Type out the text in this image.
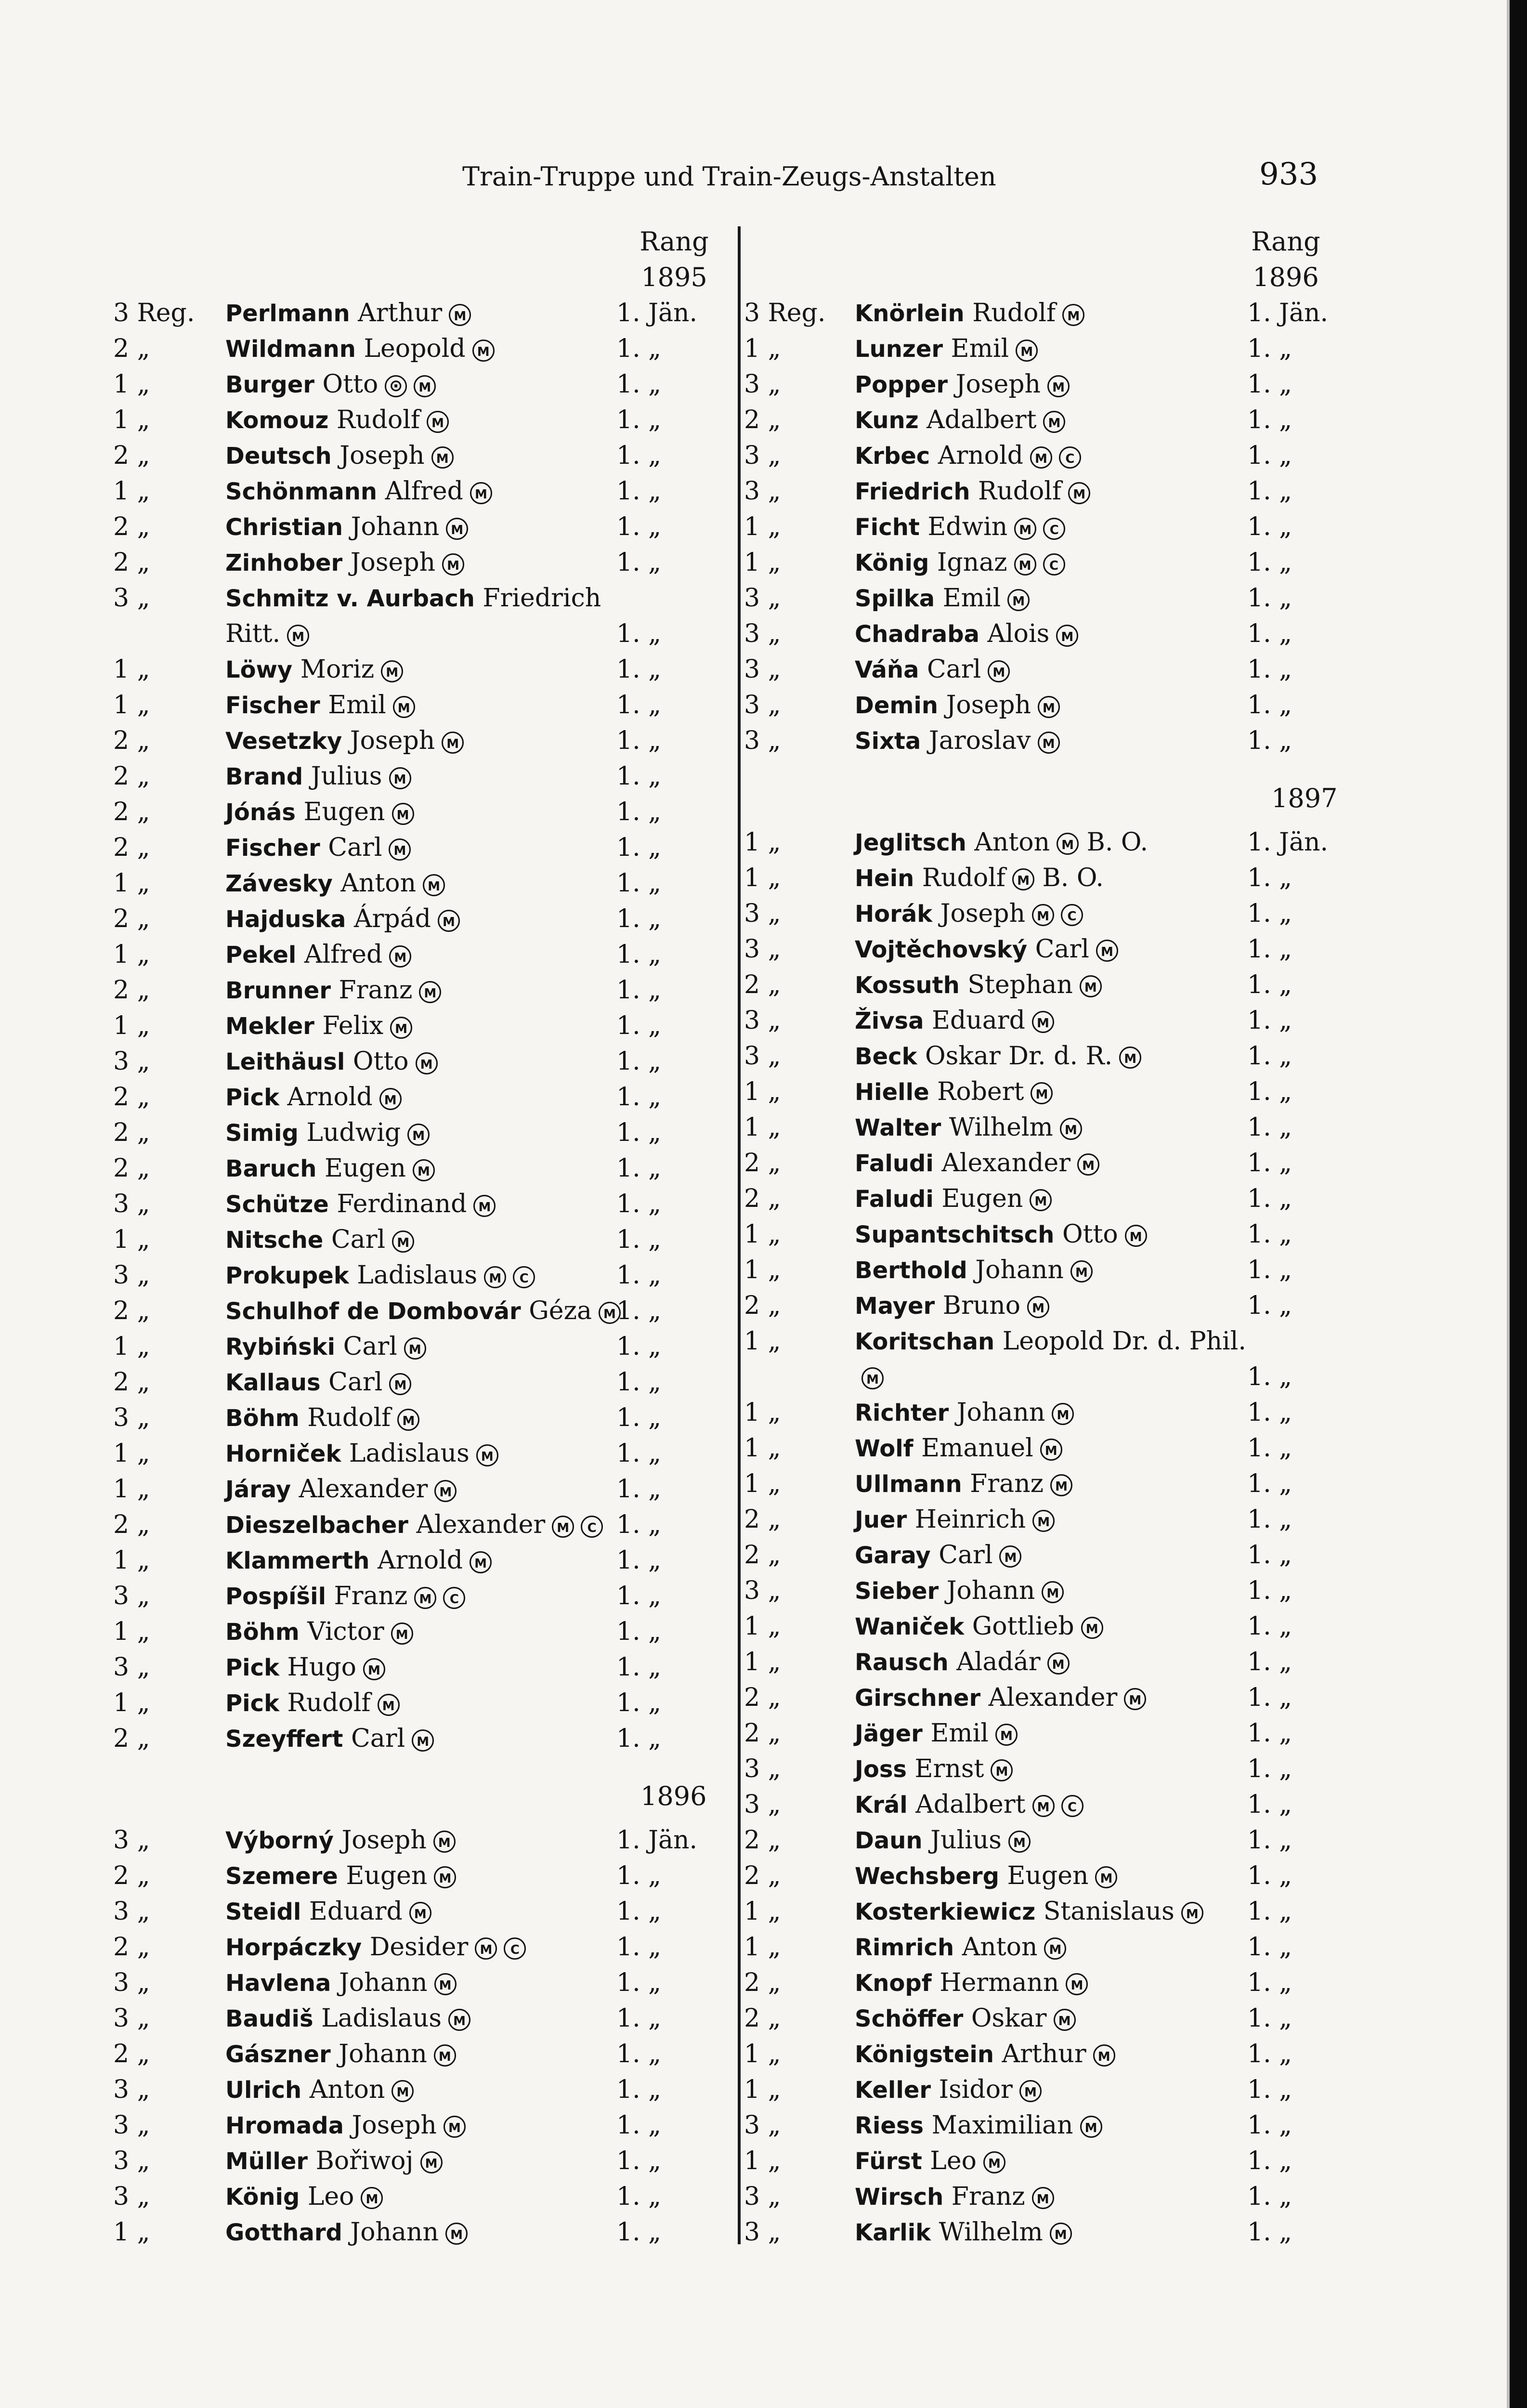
Train-Truppe und Train-Zeugs-Anstalten	933
Rang
1895
Rang
1896
3 Reg. Perlmann Arthur M	1. Jän.
2 „	Wildmann Leopold M	1. „
1 „	Burger Otto ⊙ M	1. „
1 „	Komouz Rudolf M	1. „
2 „	Deutsch Joseph M	1. „
1 „	Schönmann Alfred M	1. „
2 „	Christian Johann M	1. „
2 „	Zinhober Joseph M	1. „
3 „	Schmitz v. Aurbach Friedrich
Ritt. M	1. „
1 „	Löwy Moriz M	1. „
1 „	Fischer Emil M	1. „
2 „	Vesetzky Joseph M	1. „
2 „	Brand Julius M	1. „
2 „	Jónás Eugen M	1. „
2 „	Fischer Carl M	1. „
1 „	Závesky Anton M	1. „
2 „	Hajduska Árpád M	1. „
1 „	Pekel Alfred M	1. „
2 „	Brunner Franz M	1. „
1 „	Mekler Felix M	1. „
3 „	Leithäusl Otto M	1. „
2 „	Pick Arnold M	1. „
2 „	Simig Ludwig M	1. „
2 „	Baruch Eugen M	1. „
3 „	Schütze Ferdinand M	1. „
1 „	Nitsche Carl M	1. „
3 „	Prokupek Ladislaus M C	1. „
2 „	Schulhof de Dombovár Géza M 1. „
1 „	Rybiński Carl M	1. „
2 „	Kallaus Carl M	1. „
3 „	Böhm Rudolf M	1. „
1 „	Horniček Ladislaus M	1. „
1 „	Járay Alexander M	1. „
2 „	Dieszelbacher Alexander M C 1. „
1 „	Klammerth Arnold M	1. „
3 „	Pospíšil Franz M C	1. „
1 „	Böhm Victor M	1. „
3 „	Pick Hugo M	1. „
1 „	Pick Rudolf M	1. „
2 „	Szeyffert Carl M	1. „
1896
3 „	Výborný Joseph M	1. Jän.
2 „	Szemere Eugen M	1. „
3 „	Steidl Eduard M	1. „
2 „	Horpáczky Desider M C	1. „
3 „	Havlena Johann M	1. „
3 „	Baudiš Ladislaus M	1. „
2 „	Gászner Johann M	1. „
3 „	Ulrich Anton M	1. „
3 „	Hromada Joseph M	1. „
3 „	Müller Bořiwoj M	1. „
3 „	König Leo M	1. „
1 „	Gotthard Johann M	1. „
3 Reg. Knörlein Rudolf M	1. Jän.
1 „	Lunzer Emil M	1. „
3 „	Popper Joseph M	1. „
2 „	Kunz Adalbert M	1. „
3 „	Krbec Arnold M C	1. „
3 „	Friedrich Rudolf M	1. „
1 „	Ficht Edwin M C	1. „
1 „	König Ignaz M C	1. „
3 „	Spilka Emil M	1. „
3 „	Chadraba Alois M	1. „
3 „	Váňa Carl M	1. „
3 „	Demin Joseph M	1. „
3 „	Sixta Jaroslav M	1. „
1897
1 „	Jeglitsch Anton M B. O.	1. Jän.
1 „	Hein Rudolf M B. O.	1. „
3 „	Horák Joseph M C	1. „
3 „	Vojtěchovský Carl M	1. „
2 „	Kossuth Stephan M	1. „
3 „	Živsa Eduard M	1. „
3 „	Beck Oskar Dr. d. R. M	1. „
1 „	Hielle Robert M	1. „
1 „	Walter Wilhelm M	1. „
2 „	Faludi Alexander M	1. „
2 „	Faludi Eugen M	1. „
1 „	Supantschitsch Otto M	1. „
1 „	Berthold Johann M	1. „
2 „	Mayer Bruno M	1. „
1 „	Koritschan Leopold Dr. d. Phil.
M	1. „
1 „	Richter Johann M	1. „
1 „	Wolf Emanuel M	1. „
1 „	Ullmann Franz M	1. „
2 „	Juer Heinrich M	1. „
2 „	Garay Carl M	1. „
3 „	Sieber Johann M	1. „
1 „	Waniček Gottlieb M	1. „
1 „	Rausch Aladár M	1. „
2 „	Girschner Alexander M	1. „
2 „	Jäger Emil M	1. „
3 „	Joss Ernst M	1. „
3 „	Král Adalbert M C	1. „
2 „	Daun Julius M	1. „
2 „	Wechsberg Eugen M	1. „
1 „	Kosterkiewicz Stanislaus M 1. „
1 „	Rimrich Anton M	1. „
2 „	Knopf Hermann M	1. „
2 „	Schöffer Oskar M	1. „
1 „	Königstein Arthur M	1. „
1 „	Keller Isidor M	1. „
3 „	Riess Maximilian M	1. „
1 „	Fürst Leo M	1. „
3 „	Wirsch Franz M	1. „
3 „	Karlik Wilhelm M	1. „
